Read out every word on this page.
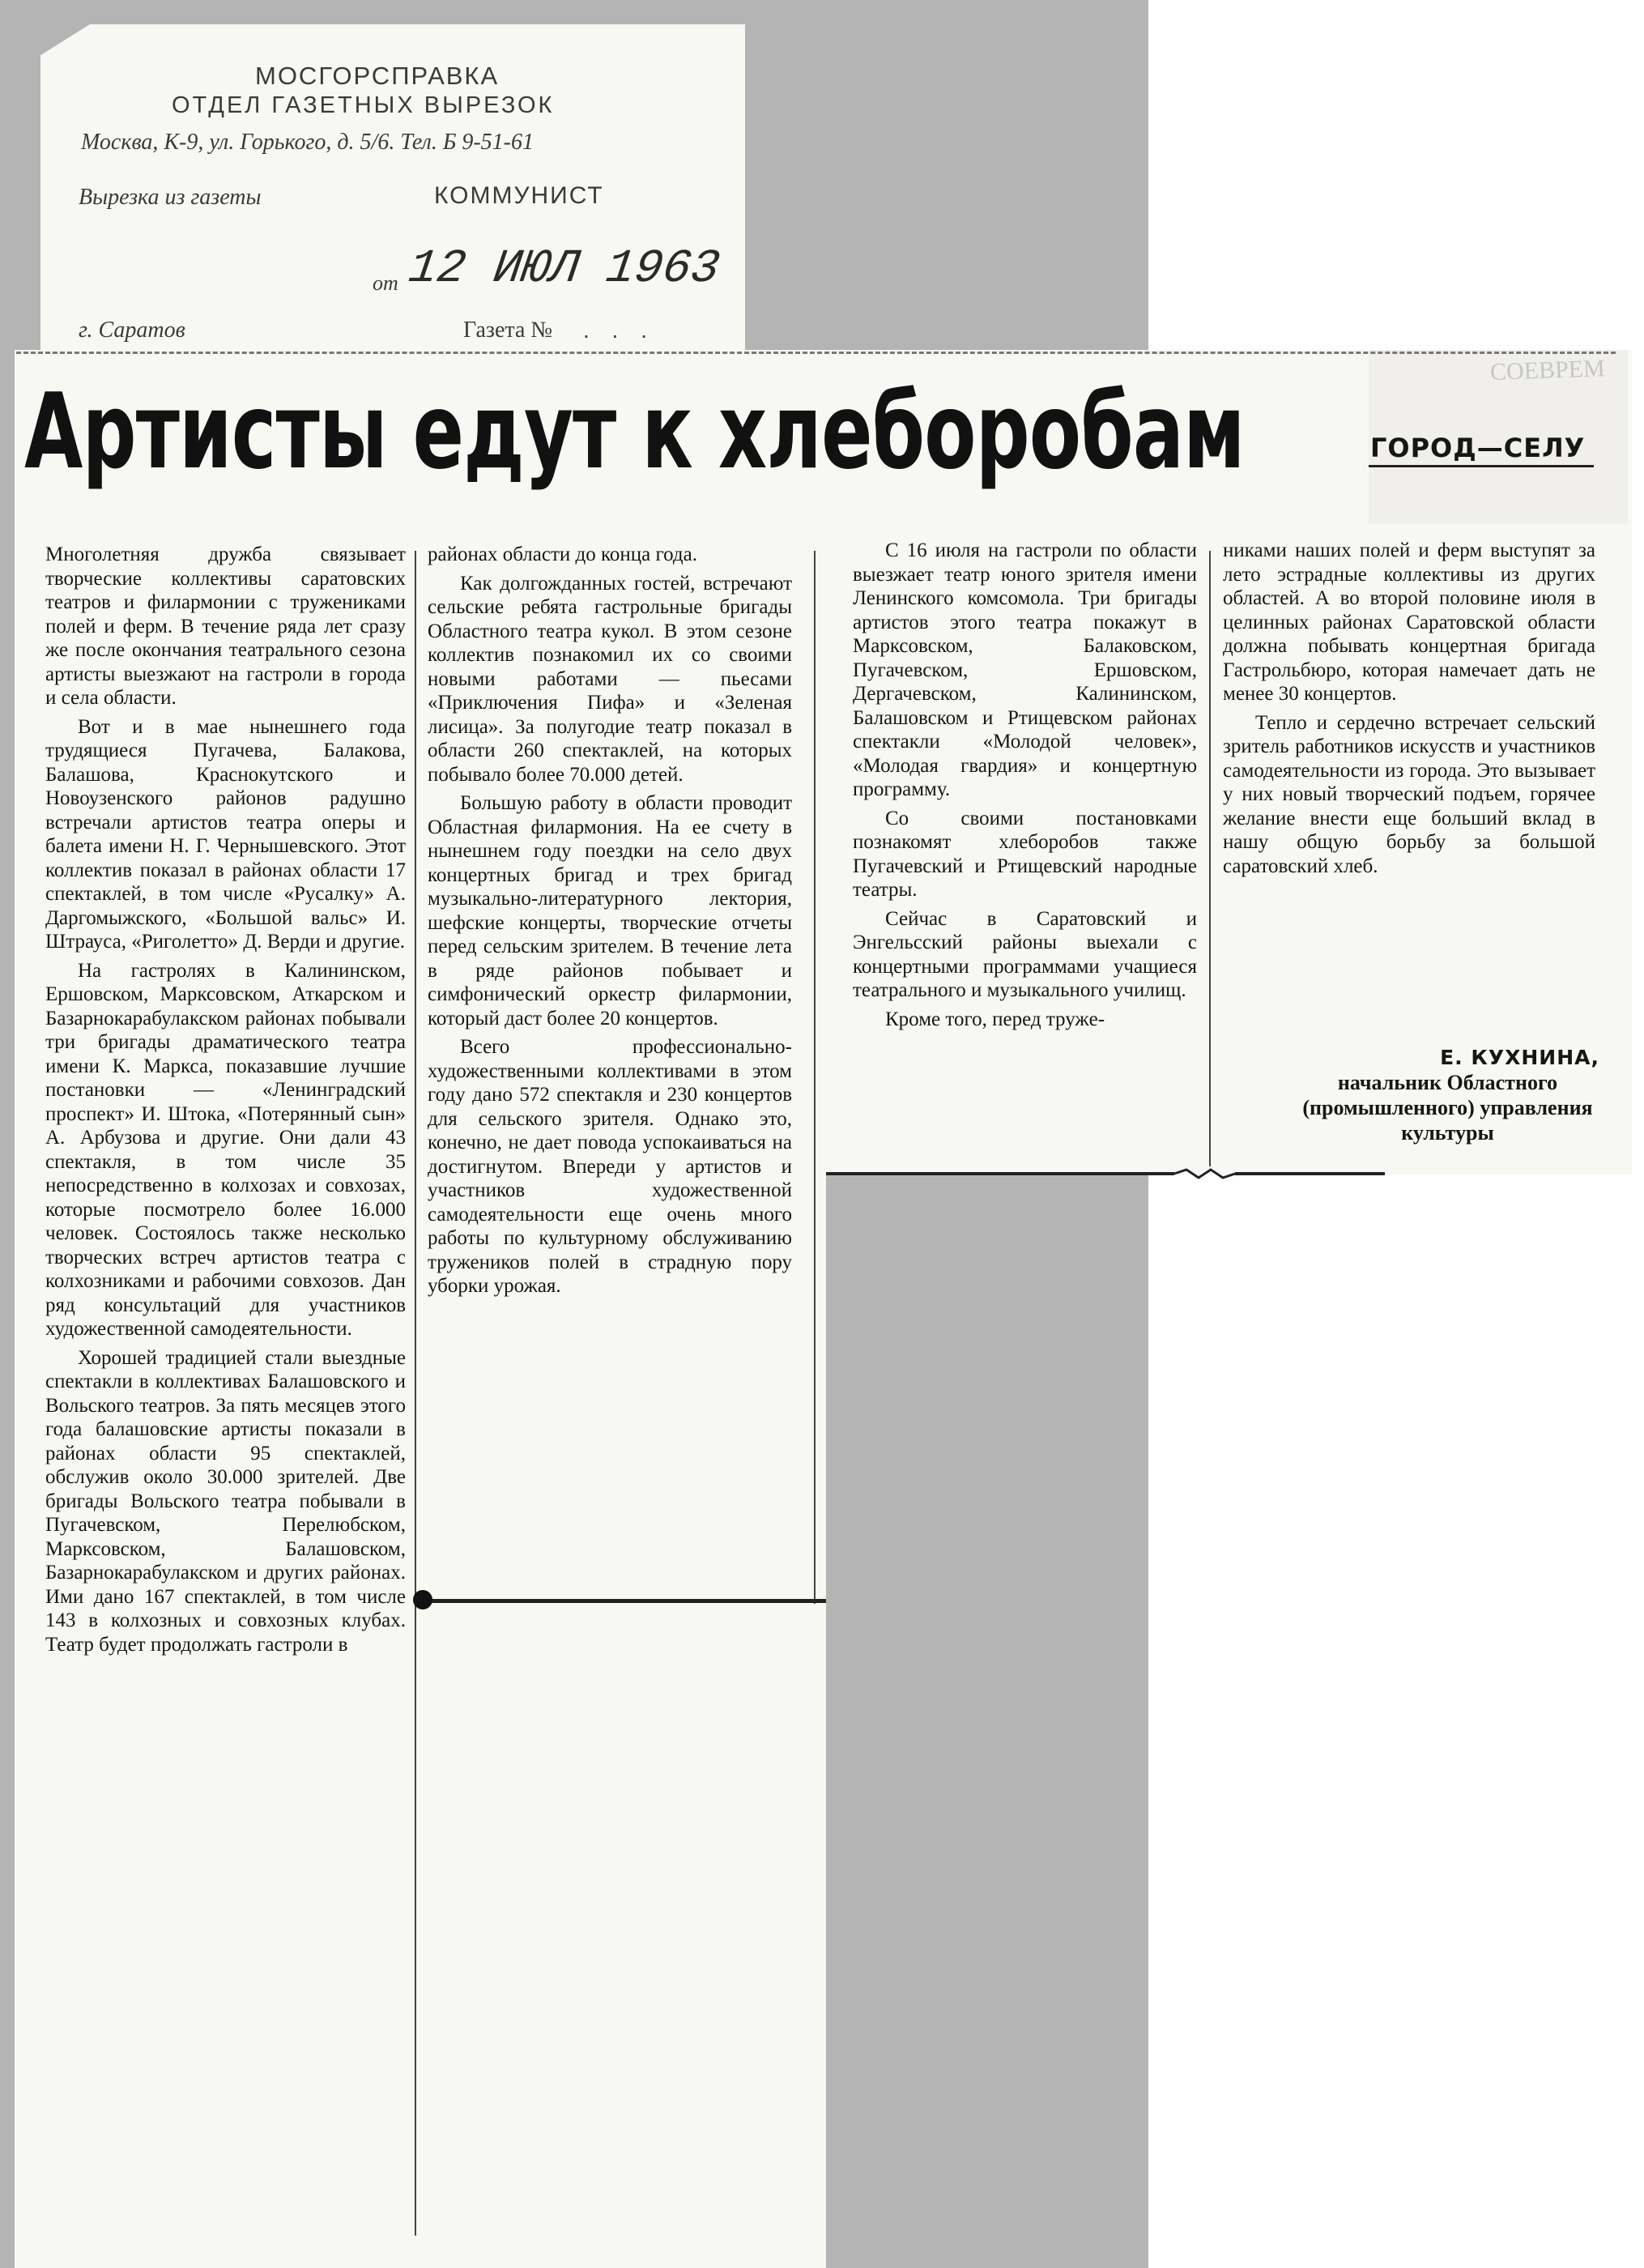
МОСГОРСПРАВКА
ОТДЕЛ ГАЗЕТНЫХ ВЫРЕЗОК
Москва, К-9, ул. Горького, д. 5/6. Тел. Б 9-51-61
Вырезка из газеты	КОММУНИСТ
от 12 ИЮЛ 1963
г. Саратов	Газета № . . .
СОЕВРЕМ
Артисты едут к хлеборобам	ГОРОД—СЕЛУ

Многолетняя дружба связывает творческие коллективы саратовских театров и филармонии с тружениками полей и ферм. В течение ряда лет сразу же после окончания театрального сезона артисты выезжают на гастроли в города и села области.

Вот и в мае нынешнего года трудящиеся Пугачева, Балакова, Балашова, Краснокутского и Новоузенского районов радушно встречали артистов театра оперы и балета имени Н. Г. Чернышевского. Этот коллектив показал в районах области 17 спектаклей, в том числе «Русалку» А. Даргомыжского, «Большой вальс» И. Штрауса, «Риголетто» Д. Верди и другие.

На гастролях в Калининском, Ершовском, Марксовском, Аткарском и Базарнокарабулакском районах побывали три бригады драматического театра имени К. Маркса, показавшие лучшие постановки — «Ленинградский проспект» И. Штока, «Потерянный сын» А. Арбузова и другие. Они дали 43 спектакля, в том числе 35 непосредственно в колхозах и совхозах, которые посмотрело более 16.000 человек. Состоялось также несколько творческих встреч артистов театра с колхозниками и рабочими совхозов. Дан ряд консультаций для участников художественной самодеятельности.

Хорошей традицией стали выездные спектакли в коллективах Балашовского и Вольского театров. За пять месяцев этого года балашовские артисты показали в районах области 95 спектаклей, обслужив около 30.000 зрителей. Две бригады Вольского театра побывали в Пугачевском, Перелюбском, Марксовском, Балашовском, Базарнокарабулакском и других районах. Ими дано 167 спектаклей, в том числе 143 в колхозных и совхозных клубах. Театр будет продолжать гастроли в

районах области до конца года.

Как долгожданных гостей, встречают сельские ребята гастрольные бригады Областного театра кукол. В этом сезоне коллектив познакомил их со своими новыми работами — пьесами «Приключения Пифа» и «Зеленая лисица». За полугодие театр показал в области 260 спектаклей, на которых побывало более 70.000 детей.

Большую работу в области проводит Областная филармония. На ее счету в нынешнем году поездки на село двух концертных бригад и трех бригад музыкально-литературного лектория, шефские концерты, творческие отчеты перед сельским зрителем. В течение лета в ряде районов побывает и симфонический оркестр филармонии, который даст более 20 концертов.

Всего профессионально-художественными коллективами в этом году дано 572 спектакля и 230 концертов для сельского зрителя. Однако это, конечно, не дает повода успокаиваться на достигнутом. Впереди у артистов и участников художественной самодеятельности еще очень много работы по культурному обслуживанию тружеников полей в страдную пору уборки урожая.

С 16 июля на гастроли по области выезжает театр юного зрителя имени Ленинского комсомола. Три бригады артистов этого театра покажут в Марксовском, Балаковском, Пугачевском, Ершовском, Дергачевском, Калининском, Балашовском и Ртищевском районах спектакли «Молодой человек», «Молодая гвардия» и концертную программу.

Со своими постановками познакомят хлеборобов также Пугачевский и Ртищевский народные театры.

Сейчас в Саратовский и Энгельсский районы выехали с концертными программами учащиеся театрального и музыкального училищ.

Кроме того, перед тружe-

никами наших полей и ферм выступят за лето эстрадные коллективы из других областей. А во второй половине июля в целинных районах Саратовской области должна побывать концертная бригада Гастрольбюро, которая намечает дать не менее 30 концертов.

Тепло и сердечно встречает сельский зритель работников искусств и участников самодеятельности из города. Это вызывает у них новый творческий подъем, горячее желание внести еще больший вклад в нашу общую борьбу за большой саратовский хлеб.

Е. КУХНИНА,
начальник Областного (промышленного) управления культуры
